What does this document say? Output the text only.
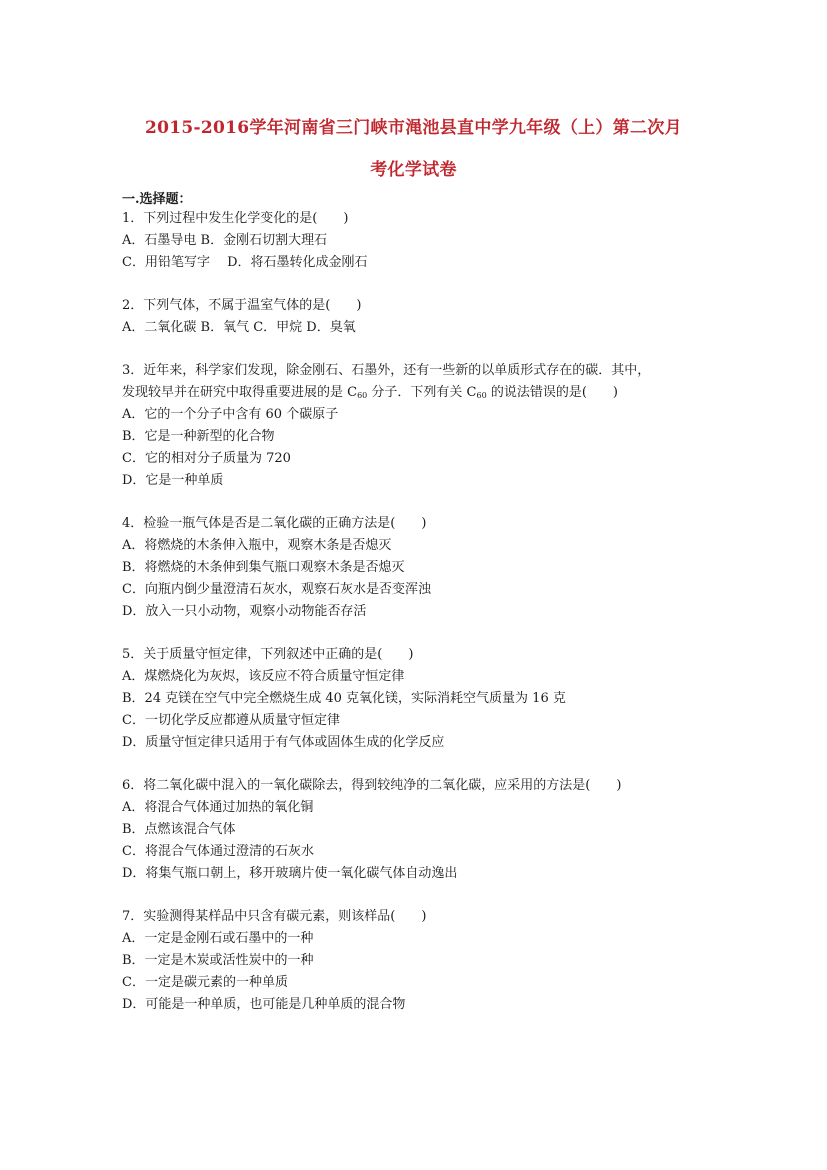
2015-2016学年河南省三门峡市渑池县直中学九年级（上）第二次月
考化学试卷
一.选择题：
1．下列过程中发生化学变化的是(　　)
A．石墨导电 B．金刚石切割大理石
C．用铅笔写字　 D．将石墨转化成金刚石
2．下列气体，不属于温室气体的是(　　)
A．二氧化碳 B．氧气 C．甲烷 D．臭氧
3．近年来，科学家们发现，除金刚石、石墨外，还有一些新的以单质形式存在的碳．其中，
发现较早并在研究中取得重要进展的是 $C_{60}$ 分子．下列有关 $C_{60}$ 的说法错误的是(　　)
A．它的一个分子中含有 60 个碳原子
B．它是一种新型的化合物
C．它的相对分子质量为 720
D．它是一种单质
4．检验一瓶气体是否是二氧化碳的正确方法是(　　)
A．将燃烧的木条伸入瓶中，观察木条是否熄灭
B．将燃烧的木条伸到集气瓶口观察木条是否熄灭
C．向瓶内倒少量澄清石灰水，观察石灰水是否变浑浊
D．放入一只小动物，观察小动物能否存活
5．关于质量守恒定律，下列叙述中正确的是(　　)
A．煤燃烧化为灰烬，该反应不符合质量守恒定律
B．24 克镁在空气中完全燃烧生成 40 克氧化镁，实际消耗空气质量为 16 克
C．一切化学反应都遵从质量守恒定律
D．质量守恒定律只适用于有气体或固体生成的化学反应
6．将二氧化碳中混入的一氧化碳除去，得到较纯净的二氧化碳，应采用的方法是(　　)
A．将混合气体通过加热的氧化铜
B．点燃该混合气体
C．将混合气体通过澄清的石灰水
D．将集气瓶口朝上，移开玻璃片使一氧化碳气体自动逸出
7．实验测得某样品中只含有碳元素，则该样品(　　)
A．一定是金刚石或石墨中的一种
B．一定是木炭或活性炭中的一种
C．一定是碳元素的一种单质
D．可能是一种单质，也可能是几种单质的混合物
